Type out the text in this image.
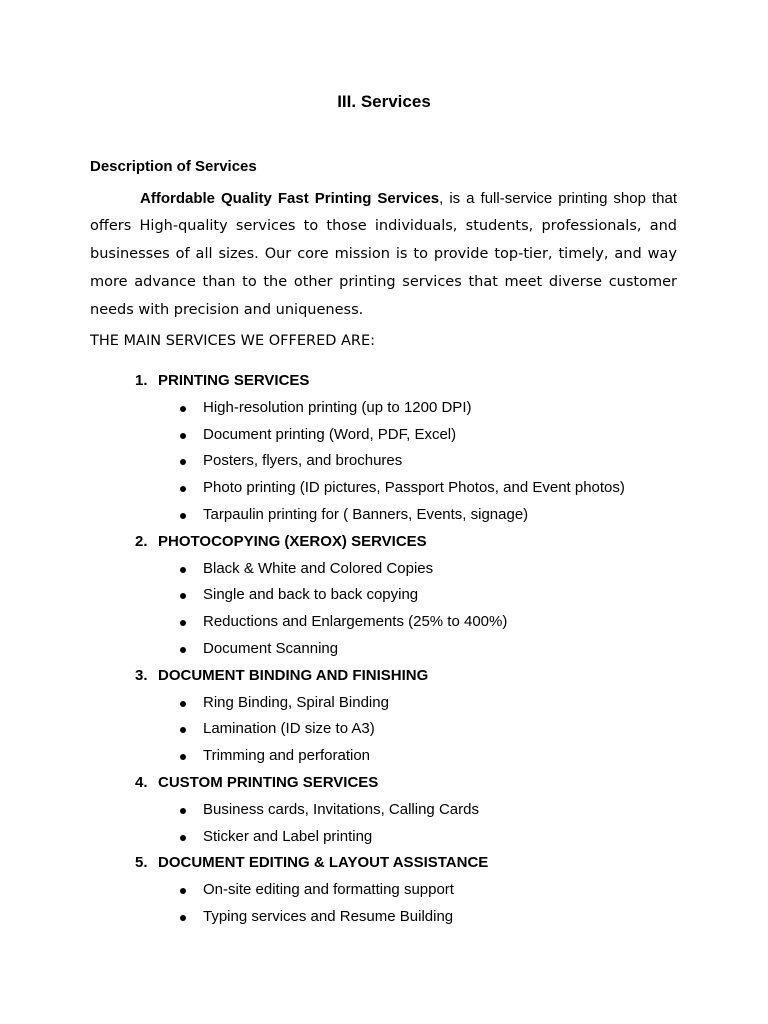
III. Services
Description of Services
Affordable Quality Fast Printing Services, is a full-service printing shop that offers High-quality services to those individuals, students, professionals, and businesses of all sizes. Our core mission is to provide top-tier, timely, and way more advance than to the other printing services that meet diverse customer needs with precision and uniqueness.
THE MAIN SERVICES WE OFFERED ARE:
1. PRINTING SERVICES
High-resolution printing (up to 1200 DPI)
Document printing (Word, PDF, Excel)
Posters, flyers, and brochures
Photo printing (ID pictures, Passport Photos, and Event photos)
Tarpaulin printing for ( Banners, Events, signage)
2. PHOTOCOPYING (XEROX) SERVICES
Black & White and Colored Copies
Single and back to back copying
Reductions and Enlargements (25% to 400%)
Document Scanning
3. DOCUMENT BINDING AND FINISHING
Ring Binding, Spiral Binding
Lamination (ID size to A3)
Trimming and perforation
4. CUSTOM PRINTING SERVICES
Business cards, Invitations, Calling Cards
Sticker and Label printing
5. DOCUMENT EDITING & LAYOUT ASSISTANCE
On-site editing and formatting support
Typing services and Resume Building
